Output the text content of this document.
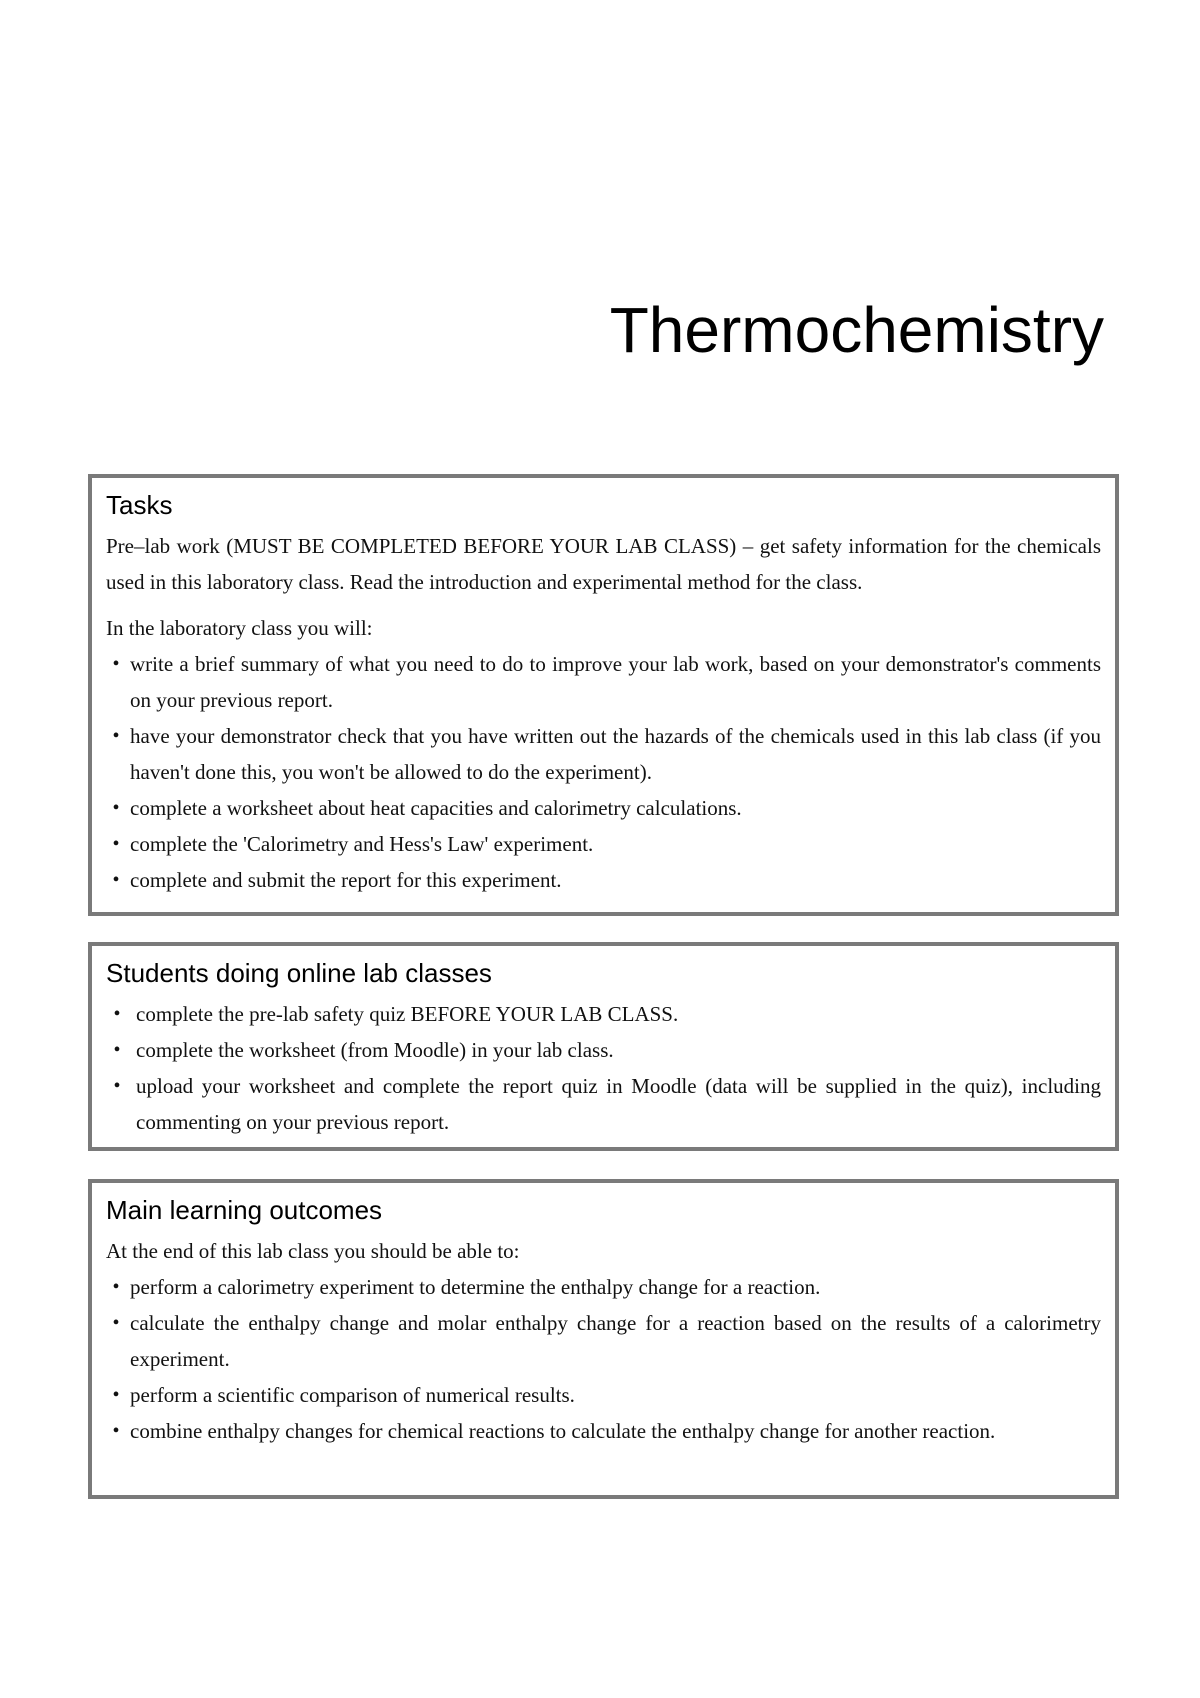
Thermochemistry
Tasks

Pre–lab work (MUST BE COMPLETED BEFORE YOUR LAB CLASS) – get safety information for the chemicals used in this laboratory class. Read the introduction and experimental method for the class.

In the laboratory class you will:

• write a brief summary of what you need to do to improve your lab work, based on your demonstrator's comments on your previous report.
• have your demonstrator check that you have written out the hazards of the chemicals used in this lab class (if you haven't done this, you won't be allowed to do the experiment).
• complete a worksheet about heat capacities and calorimetry calculations.
• complete the 'Calorimetry and Hess's Law' experiment.
• complete and submit the report for this experiment.
Students doing online lab classes
• complete the pre-lab safety quiz BEFORE YOUR LAB CLASS.
• complete the worksheet (from Moodle) in your lab class.
• upload your worksheet and complete the report quiz in Moodle (data will be supplied in the quiz), including commenting on your previous report.
Main learning outcomes

At the end of this lab class you should be able to:

• perform a calorimetry experiment to determine the enthalpy change for a reaction.
• calculate the enthalpy change and molar enthalpy change for a reaction based on the results of a calorimetry experiment.
• perform a scientific comparison of numerical results.
• combine enthalpy changes for chemical reactions to calculate the enthalpy change for another reaction.
